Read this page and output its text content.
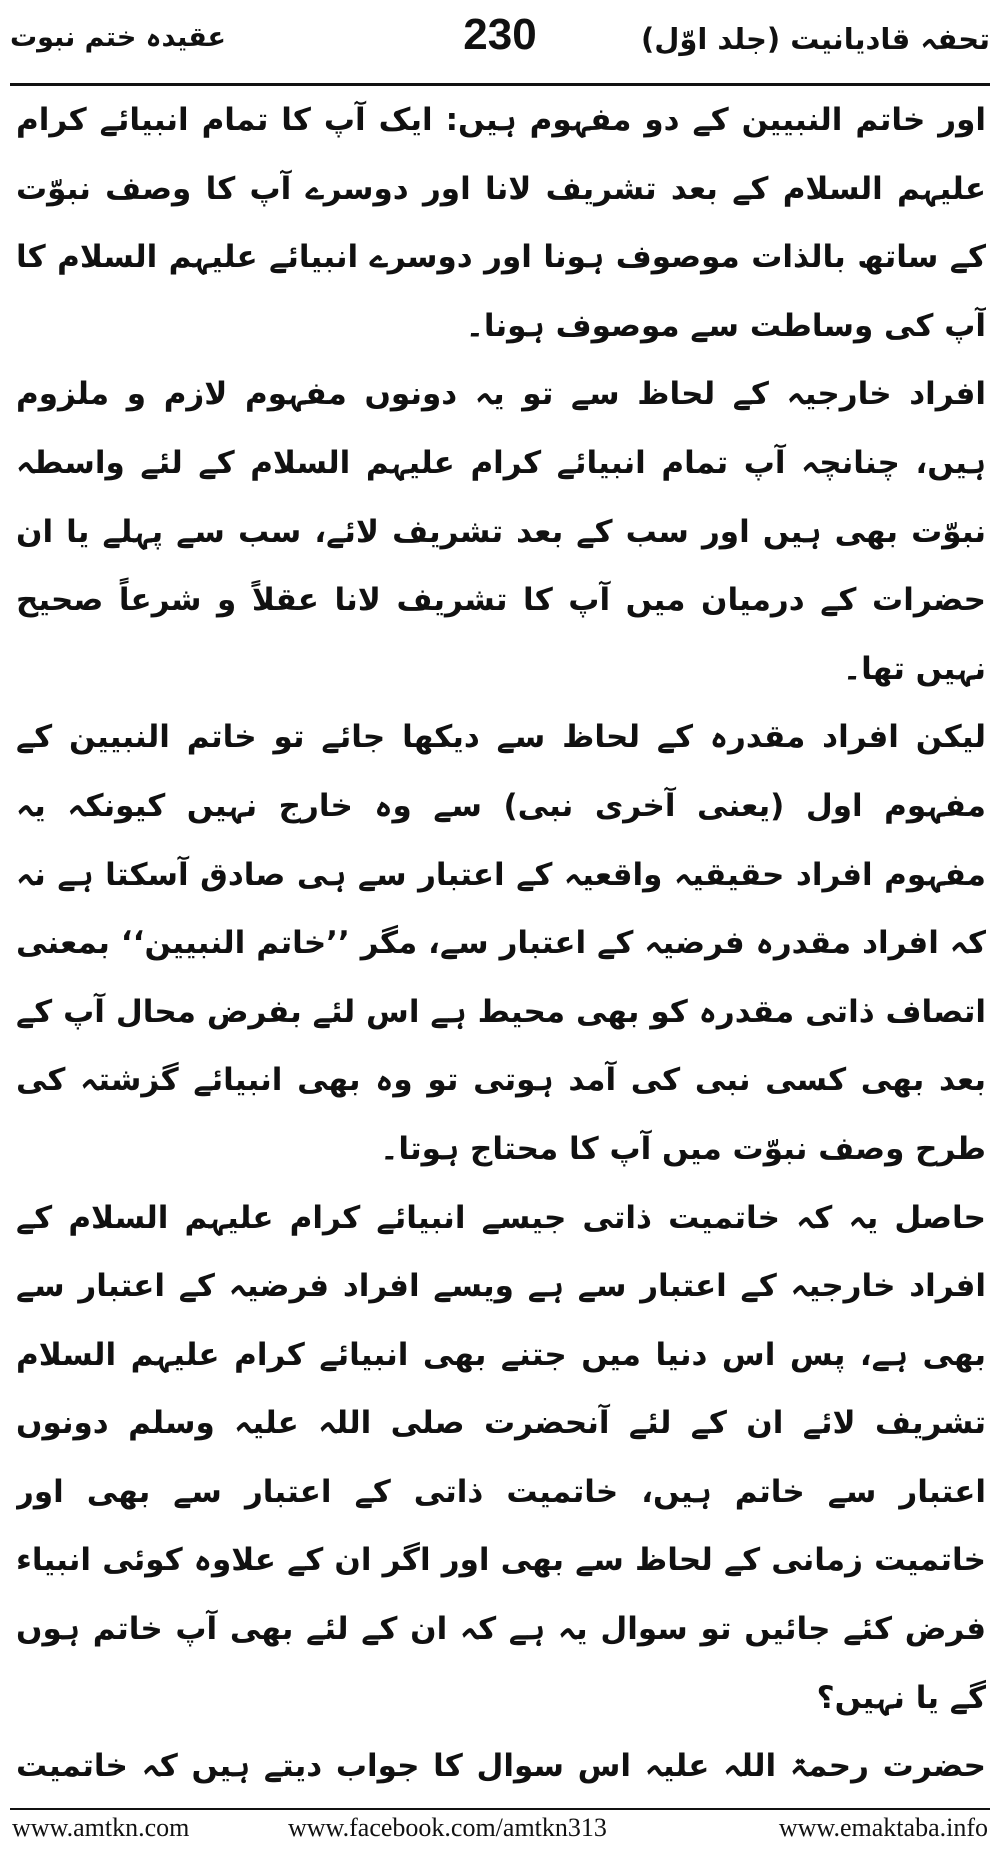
عقیدہ ختم نبوت	230	تحفہ قادیانیت (جلد اوّل)

اور خاتم النبیین کے دو مفہوم ہیں: ایک آپ کا تمام انبیائے کرام علیہم السلام کے بعد تشریف لانا اور دوسرے آپ کا وصف نبوّت کے ساتھ بالذات موصوف ہونا اور دوسرے انبیائے علیہم السلام کا آپ کی وساطت سے موصوف ہونا۔

افراد خارجیہ کے لحاظ سے تو یہ دونوں مفہوم لازم و ملزوم ہیں، چنانچہ آپ تمام انبیائے کرام علیہم السلام کے لئے واسطہ نبوّت بھی ہیں اور سب کے بعد تشریف لائے، سب سے پہلے یا ان حضرات کے درمیان میں آپ کا تشریف لانا عقلاً و شرعاً صحیح نہیں تھا۔

لیکن افراد مقدرہ کے لحاظ سے دیکھا جائے تو خاتم النبیین کے مفہوم اول (یعنی آخری نبی) سے وہ خارج نہیں کیونکہ یہ مفہوم افراد حقیقیہ واقعیہ کے اعتبار سے ہی صادق آسکتا ہے نہ کہ افراد مقدرہ فرضیہ کے اعتبار سے، مگر ’’خاتم النبیین‘‘ بمعنی اتصاف ذاتی مقدرہ کو بھی محیط ہے اس لئے بفرض محال آپ کے بعد بھی کسی نبی کی آمد ہوتی تو وہ بھی انبیائے گزشتہ کی طرح وصف نبوّت میں آپ کا محتاج ہوتا۔

حاصل یہ کہ خاتمیت ذاتی جیسے انبیائے کرام علیہم السلام کے افراد خارجیہ کے اعتبار سے ہے ویسے افراد فرضیہ کے اعتبار سے بھی ہے، پس اس دنیا میں جتنے بھی انبیائے کرام علیہم السلام تشریف لائے ان کے لئے آنحضرت صلی اللہ علیہ وسلم دونوں اعتبار سے خاتم ہیں، خاتمیت ذاتی کے اعتبار سے بھی اور خاتمیت زمانی کے لحاظ سے بھی اور اگر ان کے علاوہ کوئی انبیاء فرض کئے جائیں تو سوال یہ ہے کہ ان کے لئے بھی آپ خاتم ہوں گے یا نہیں؟

حضرت رحمۃ اللہ علیہ اس سوال کا جواب دیتے ہیں کہ خاتمیت

www.amtkn.com	www.facebook.com/amtkn313	www.emaktaba.info
